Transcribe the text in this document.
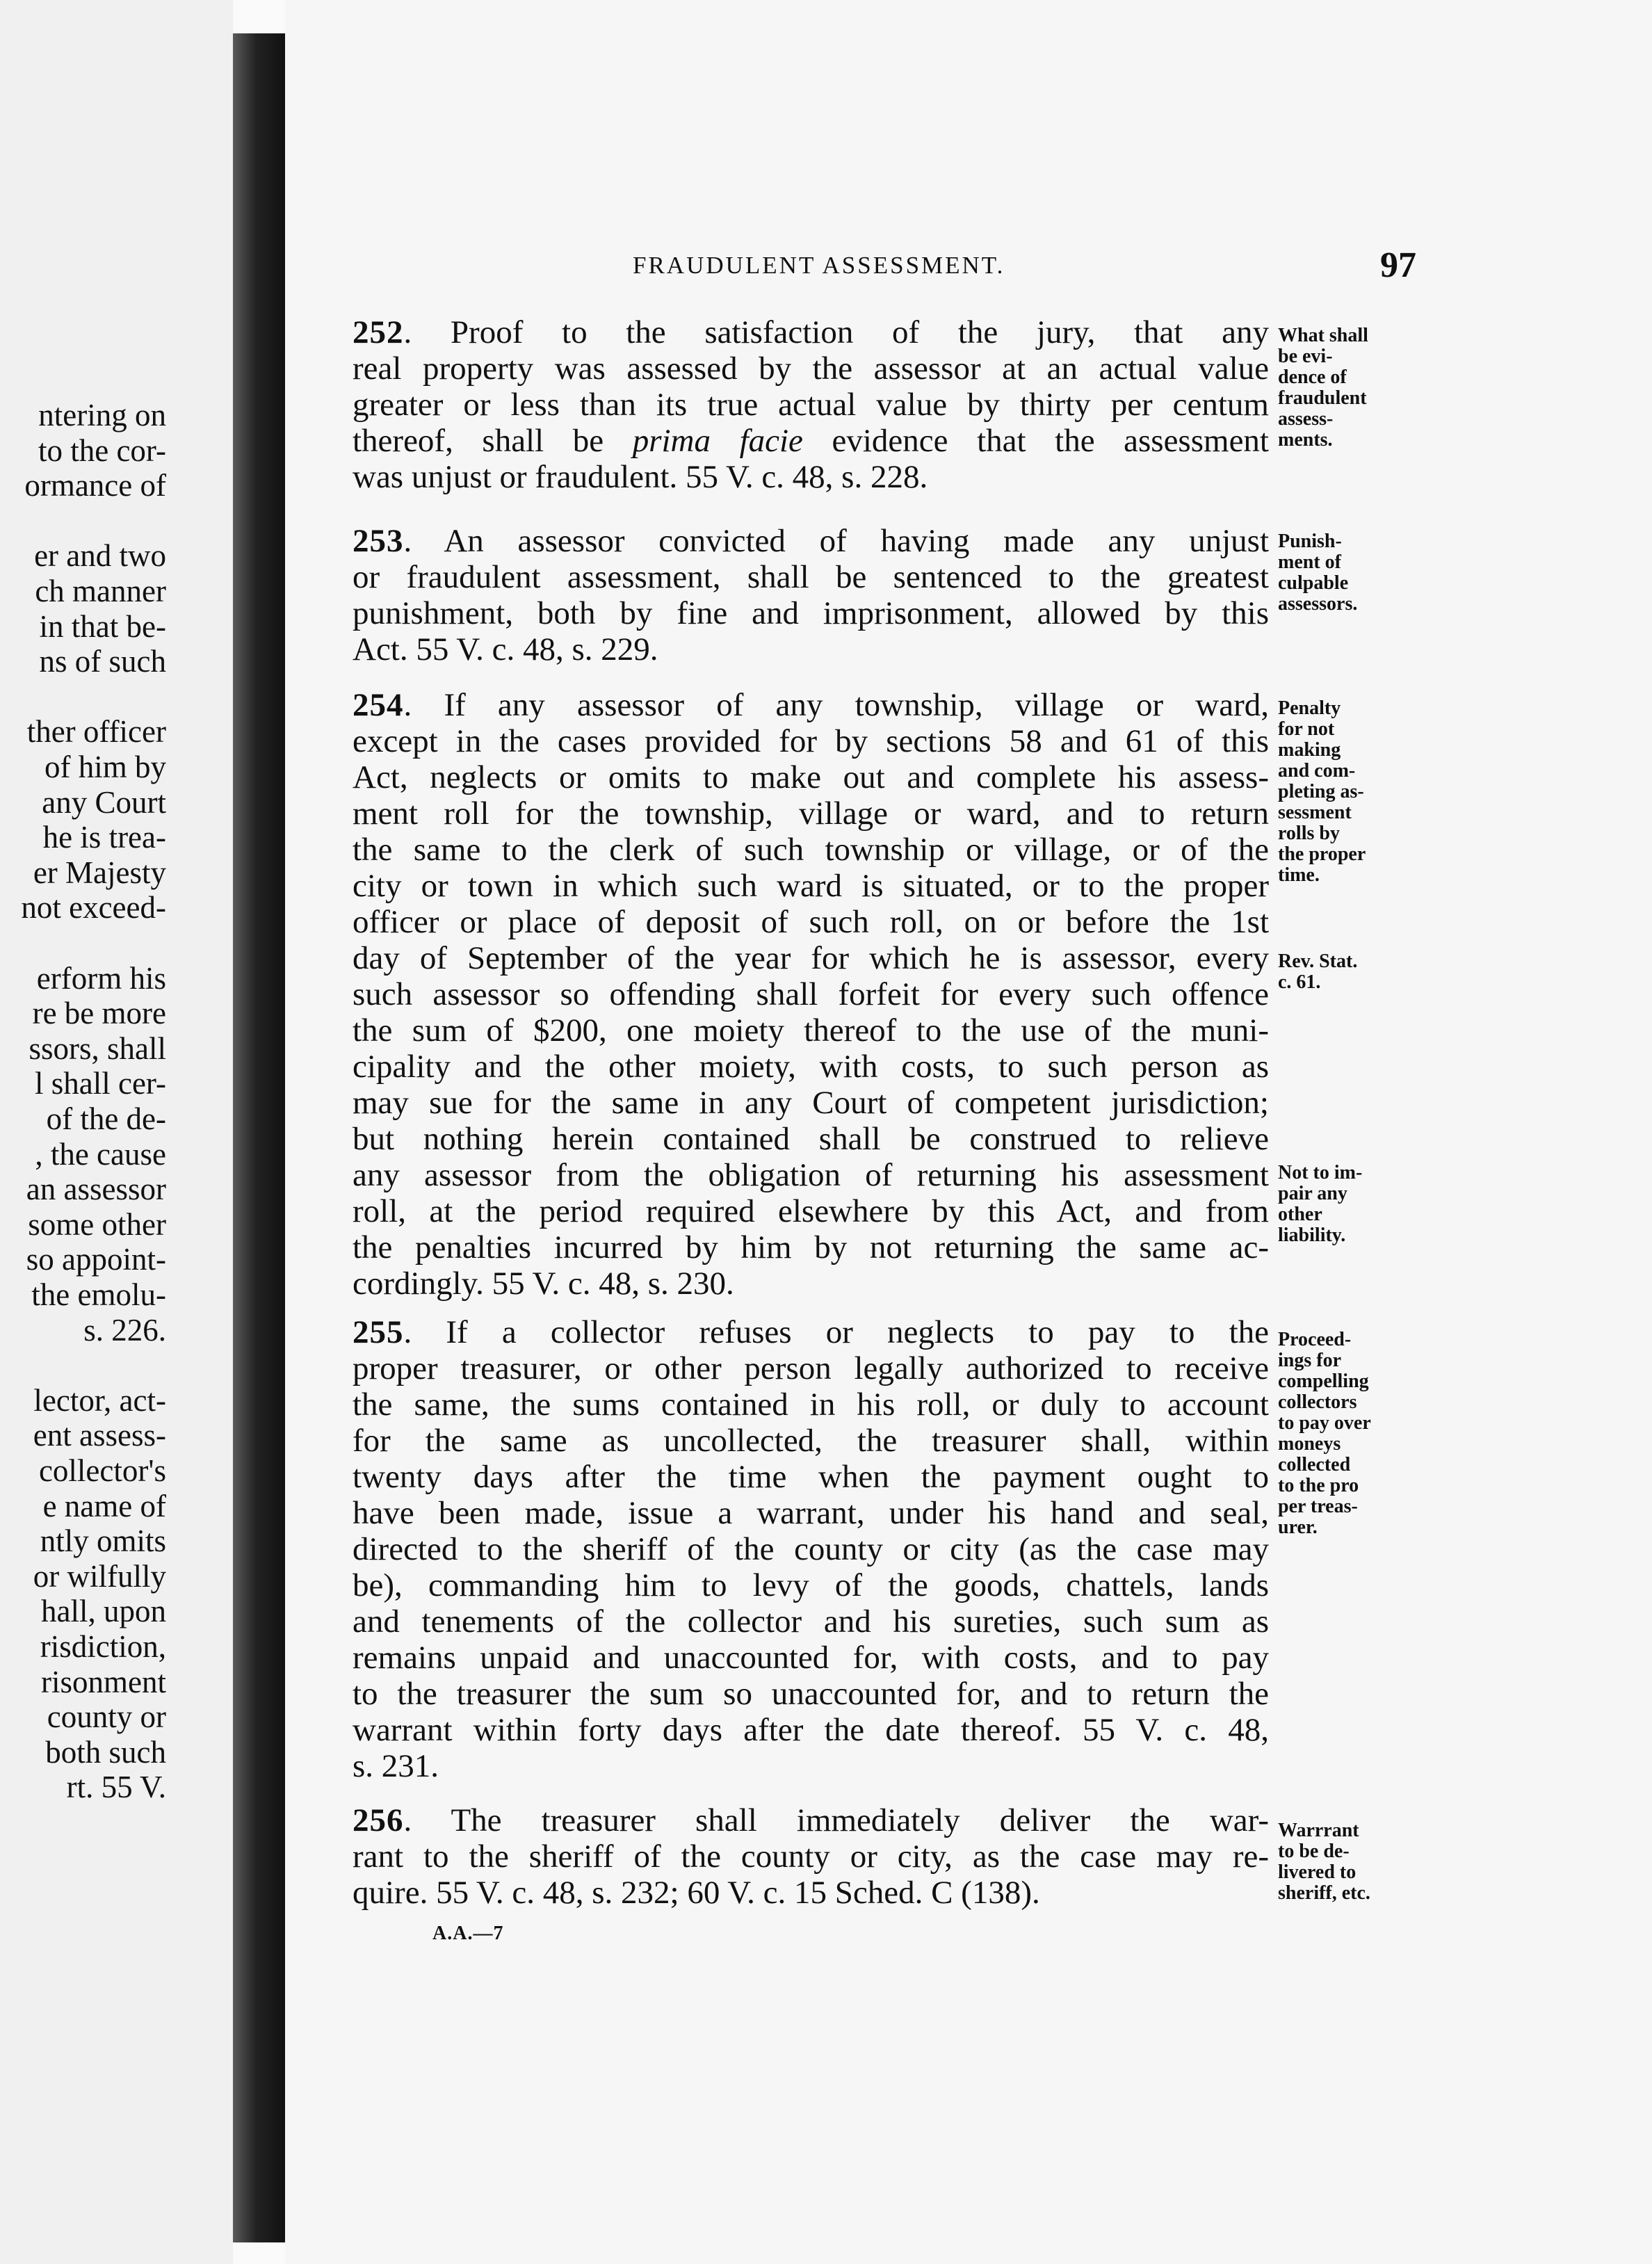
ntering on
to the cor-
ormance of
er and two
ch manner
in that be-
ns of such
ther officer
of him by
any Court
he is trea-
er Majesty
not exceed-
erform his
re be more
ssors, shall
l shall cer-
of the de-
, the cause
an assessor
some other
so appoint-
the emolu-
s. 226.
lector, act-
ent assess-
collector's
e name of
ntly omits
or wilfully
hall, upon
risdiction,
risonment
county or
both such
rt. 55 V.
FRAUDULENT ASSESSMENT.	97
252. Proof to the satisfaction of the jury, that any
real property was assessed by the assessor at an actual value
greater or less than its true actual value by thirty per centum
thereof, shall be prima facie evidence that the assessment
was unjust or fraudulent. 55 V. c. 48, s. 228.
What shall
be evi-
dence of
fraudulent
assess-
ments.
253. An assessor convicted of having made any unjust
or fraudulent assessment, shall be sentenced to the greatest
punishment, both by fine and imprisonment, allowed by this
Act. 55 V. c. 48, s. 229.
Punish-
ment of
culpable
assessors.
254. If any assessor of any township, village or ward,
except in the cases provided for by sections 58 and 61 of this
Act, neglects or omits to make out and complete his assess-
ment roll for the township, village or ward, and to return
the same to the clerk of such township or village, or of the
city or town in which such ward is situated, or to the proper
officer or place of deposit of such roll, on or before the 1st
day of September of the year for which he is assessor, every
such assessor so offending shall forfeit for every such offence
the sum of $200, one moiety thereof to the use of the muni-
cipality and the other moiety, with costs, to such person as
may sue for the same in any Court of competent jurisdiction;
but nothing herein contained shall be construed to relieve
any assessor from the obligation of returning his assessment
roll, at the period required elsewhere by this Act, and from
the penalties incurred by him by not returning the same ac-
cordingly. 55 V. c. 48, s. 230.
Penalty
for not
making
and com-
pleting as-
sessment
rolls by
the proper
time.
Rev. Stat.
c. 61.
Not to im-
pair any
other
liability.
255. If a collector refuses or neglects to pay to the
proper treasurer, or other person legally authorized to receive
the same, the sums contained in his roll, or duly to account
for the same as uncollected, the treasurer shall, within
twenty days after the time when the payment ought to
have been made, issue a warrant, under his hand and seal,
directed to the sheriff of the county or city (as the case may
be), commanding him to levy of the goods, chattels, lands
and tenements of the collector and his sureties, such sum as
remains unpaid and unaccounted for, with costs, and to pay
to the treasurer the sum so unaccounted for, and to return the
warrant within forty days after the date thereof. 55 V. c. 48,
s. 231.
Proceed-
ings for
compelling
collectors
to pay over
moneys
collected
to the pro
per treas-
urer.
256. The treasurer shall immediately deliver the war-
rant to the sheriff of the county or city, as the case may re-
quire. 55 V. c. 48, s. 232; 60 V. c. 15 Sched. C (138).
Warrrant
to be de-
livered to
sheriff, etc.
A.A.—7
